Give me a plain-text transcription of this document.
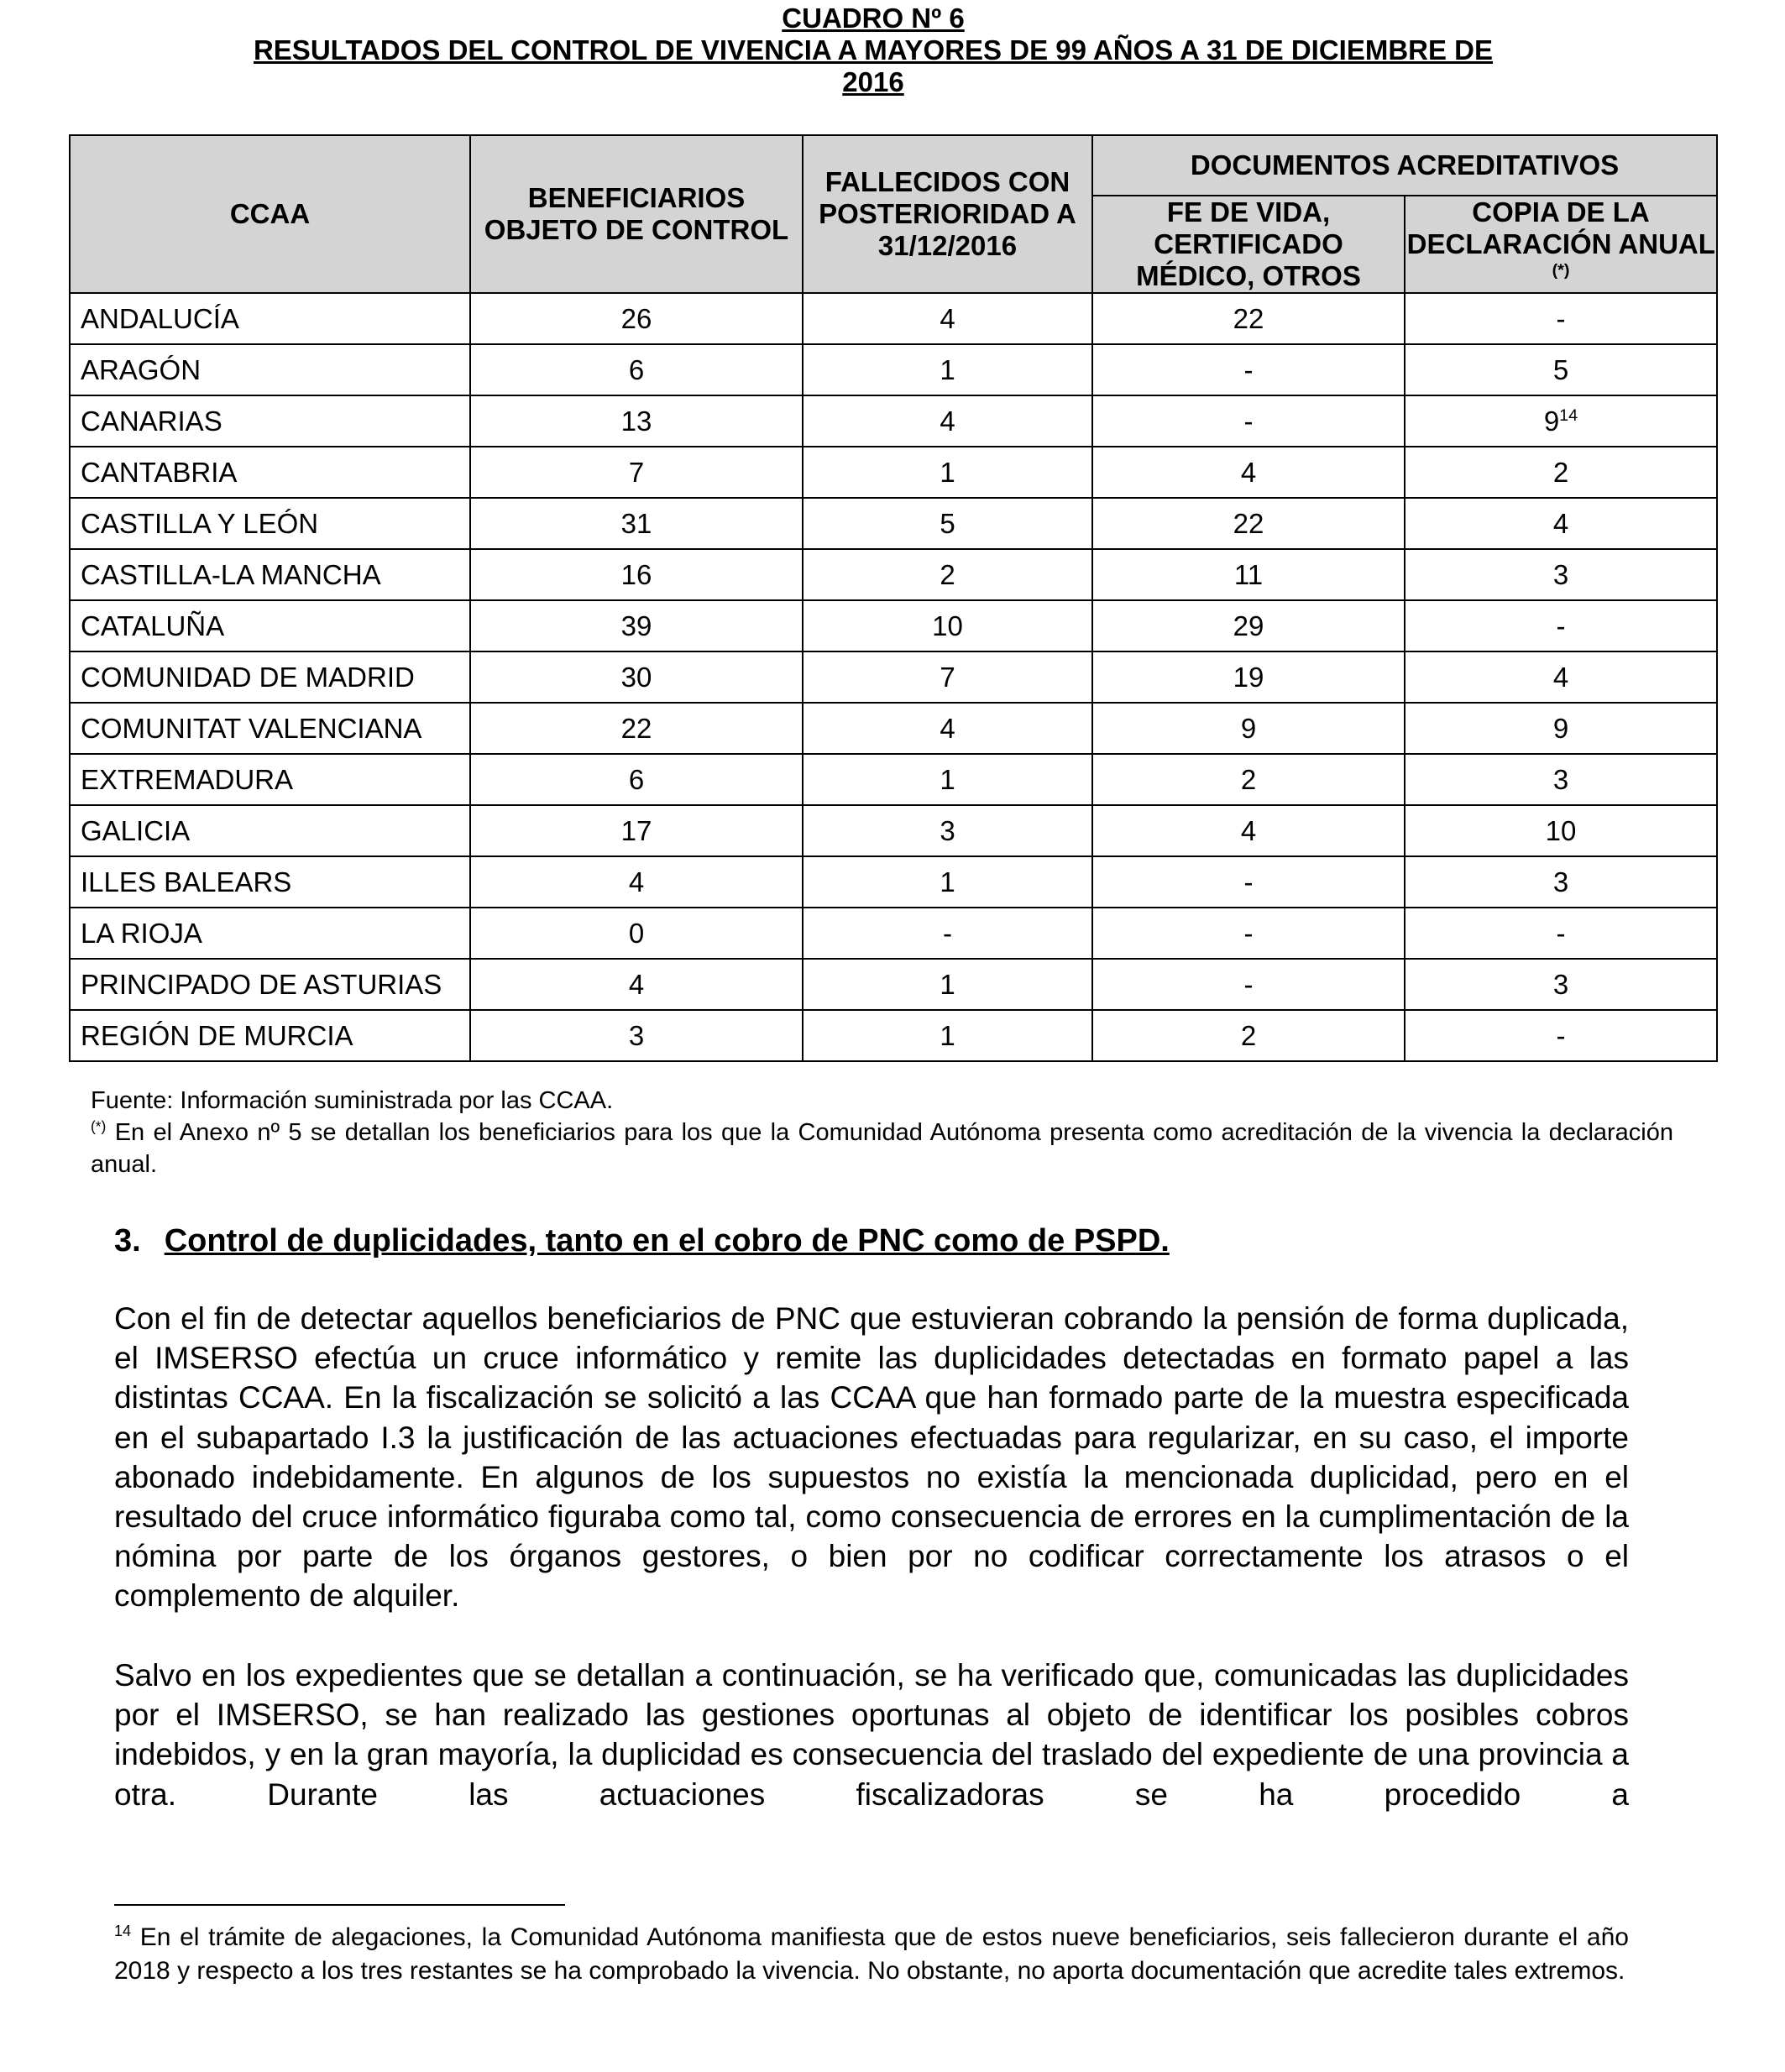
CUADRO Nº 6
RESULTADOS DEL CONTROL DE VIVENCIA A MAYORES DE 99 AÑOS A 31 DE DICIEMBRE DE
2016
CCAA	BENEFICIARIOS OBJETO DE CONTROL	FALLECIDOS CON POSTERIORIDAD A 31/12/2016	DOCUMENTOS ACREDITATIVOS	
			FE DE VIDA, CERTIFICADO MÉDICO, OTROS	COPIA DE LA DECLARACIÓN ANUAL (*)
ANDALUCÍA	26	4	22	-
ARAGÓN	6	1	-	5
CANARIAS	13	4	-	$9^{14}$
CANTABRIA	7	1	4	2
CASTILLA Y LEÓN	31	5	22	4
CASTILLA-LA MANCHA	16	2	11	3
CATALUÑA	39	10	29	-
COMUNIDAD DE MADRID	30	7	19	4
COMUNITAT VALENCIANA	22	4	9	9
EXTREMADURA	6	1	2	3
GALICIA	17	3	4	10
ILLES BALEARS	4	1	-	3
LA RIOJA	0	-	-	-
PRINCIPADO DE ASTURIAS	4	1	-	3
REGIÓN DE MURCIA	3	1	2	-
Fuente: Información suministrada por las CCAA.
(*) En el Anexo nº 5 se detallan los beneficiarios para los que la Comunidad Autónoma presenta como acreditación de la vivencia la declaración anual.
3. Control de duplicidades, tanto en el cobro de PNC como de PSPD.
Con el fin de detectar aquellos beneficiarios de PNC que estuvieran cobrando la pensión de forma duplicada, el IMSERSO efectúa un cruce informático y remite las duplicidades detectadas en formato papel a las distintas CCAA. En la fiscalización se solicitó a las CCAA que han formado parte de la muestra especificada en el subapartado I.3 la justificación de las actuaciones efectuadas para regularizar, en su caso, el importe abonado indebidamente. En algunos de los supuestos no existía la mencionada duplicidad, pero en el resultado del cruce informático figuraba como tal, como consecuencia de errores en la cumplimentación de la nómina por parte de los órganos gestores, o bien por no codificar correctamente los atrasos o el complemento de alquiler.
Salvo en los expedientes que se detallan a continuación, se ha verificado que, comunicadas las duplicidades por el IMSERSO, se han realizado las gestiones oportunas al objeto de identificar los posibles cobros indebidos, y en la gran mayoría, la duplicidad es consecuencia del traslado del expediente de una provincia a otra. Durante las actuaciones fiscalizadoras se ha procedido a
$^{14}$ En el trámite de alegaciones, la Comunidad Autónoma manifiesta que de estos nueve beneficiarios, seis fallecieron durante el año 2018 y respecto a los tres restantes se ha comprobado la vivencia. No obstante, no aporta documentación que acredite tales extremos.
